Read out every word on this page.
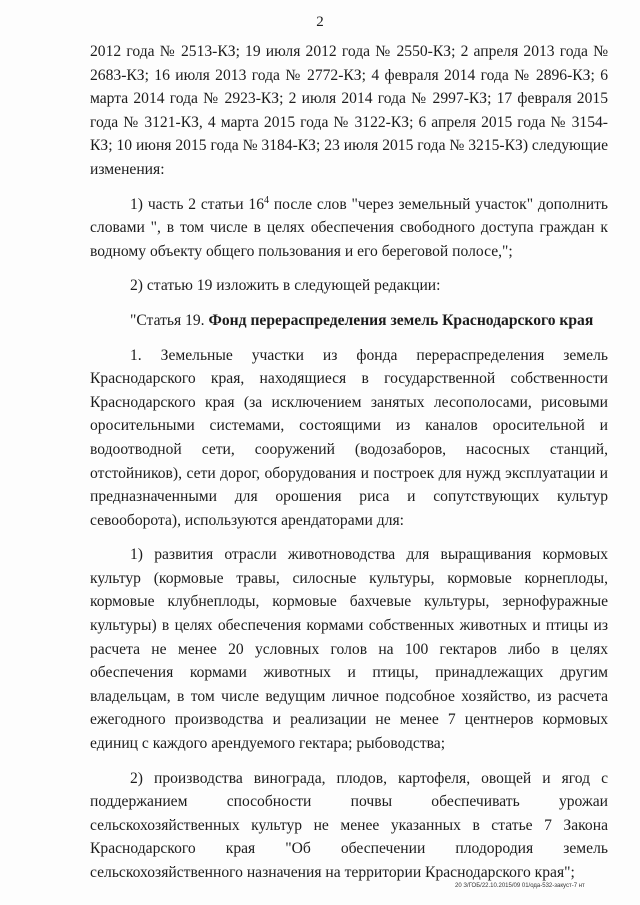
2

2012 года № 2513-КЗ; 19 июля 2012 года № 2550-КЗ; 2 апреля 2013 года № 2683-КЗ; 16 июля 2013 года № 2772-КЗ; 4 февраля 2014 года № 2896-КЗ; 6 марта 2014 года № 2923-КЗ; 2 июля 2014 года № 2997-КЗ; 17 февраля 2015 года № 3121-КЗ, 4 марта 2015 года № 3122-КЗ; 6 апреля 2015 года № 3154-КЗ; 10 июня 2015 года № 3184-КЗ; 23 июля 2015 года № 3215-КЗ) следующие изменения:

1) часть 2 статьи $16^4$ после слов "через земельный участок" дополнить словами ", в том числе в целях обеспечения свободного доступа граждан к водному объекту общего пользования и его береговой полосе,";

2) статью 19 изложить в следующей редакции:

"Статья 19. Фонд перераспределения земель Краснодарского края

1. Земельные участки из фонда перераспределения земель Краснодарского края, находящиеся в государственной собственности Краснодарского края (за исключением занятых лесополосами, рисовыми оросительными системами, состоящими из каналов оросительной и водоотводной сети, сооружений (водозаборов, насосных станций, отстойников), сети дорог, оборудования и построек для нужд эксплуатации и предназначенными для орошения риса и сопутствующих культур севооборота), используются арендаторами для:

1) развития отрасли животноводства для выращивания кормовых культур (кормовые травы, силосные культуры, кормовые корнеплоды, кормовые клубнеплоды, кормовые бахчевые культуры, зернофуражные культуры) в целях обеспечения кормами собственных животных и птицы из расчета не менее 20 условных голов на 100 гектаров либо в целях обеспечения кормами животных и птицы, принадлежащих другим владельцам, в том числе ведущим личное подсобное хозяйство, из расчета ежегодного производства и реализации не менее 7 центнеров кормовых единиц с каждого арендуемого гектара; рыбоводства;

2) производства винограда, плодов, картофеля, овощей и ягод с поддержанием способности почвы обеспечивать урожаи сельскохозяйственных культур не менее указанных в статье 7 Закона Краснодарского края "Об обеспечении плодородия земель сельскохозяйственного назначения на территории Краснодарского края";

20 З/ГОБ/22.10.2015/09 01/ода-532-закуст-7 нт
